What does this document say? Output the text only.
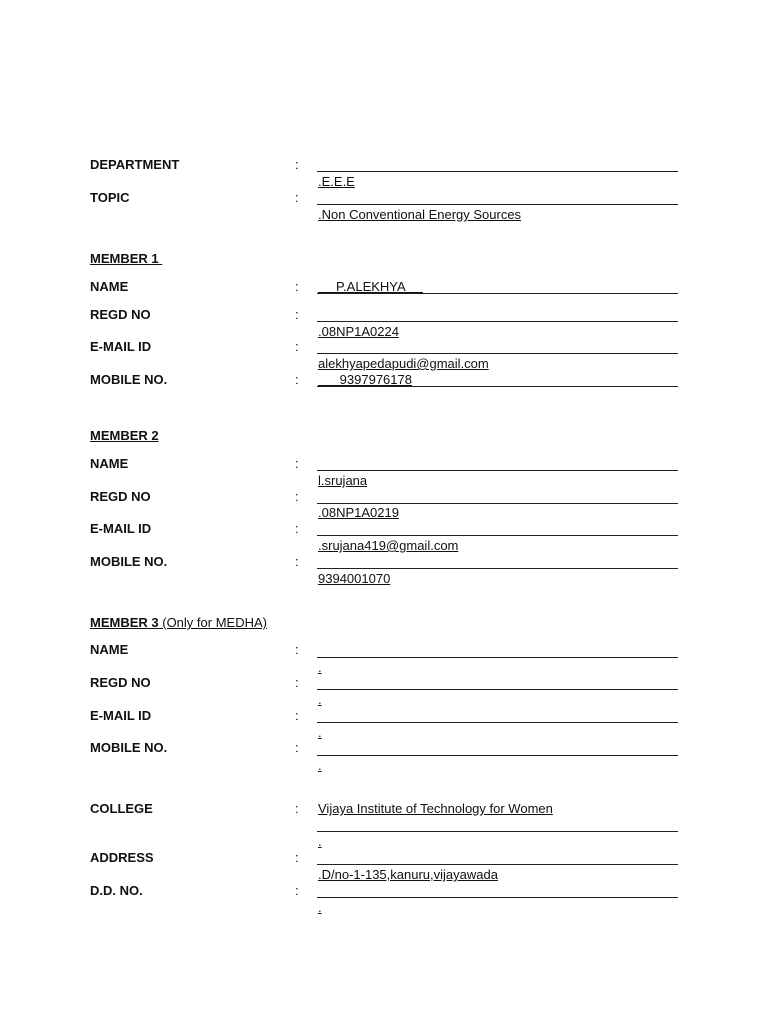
DEPARTMENT	:
.E.E.E
TOPIC	:
.Non Conventional Energy Sources
MEMBER 1
NAME	: P.ALEKHYA
REGD NO	:
.08NP1A0224
E-MAIL ID	:
alekhyapedapudi@gmail.com
MOBILE NO.	: 9397976178
MEMBER 2
NAME	:
l.srujana
REGD NO	:
.08NP1A0219
E-MAIL ID	:
.srujana419@gmail.com
MOBILE NO.	:
9394001070
MEMBER 3 (Only for MEDHA)
NAME	:
.
REGD NO	:
.
E-MAIL ID	:
.
MOBILE NO.	:
.
COLLEGE	: Vijaya Institute of Technology for Women
.
ADDRESS	:
.D/no-1-135,kanuru,vijayawada
D.D. NO.	:
.
